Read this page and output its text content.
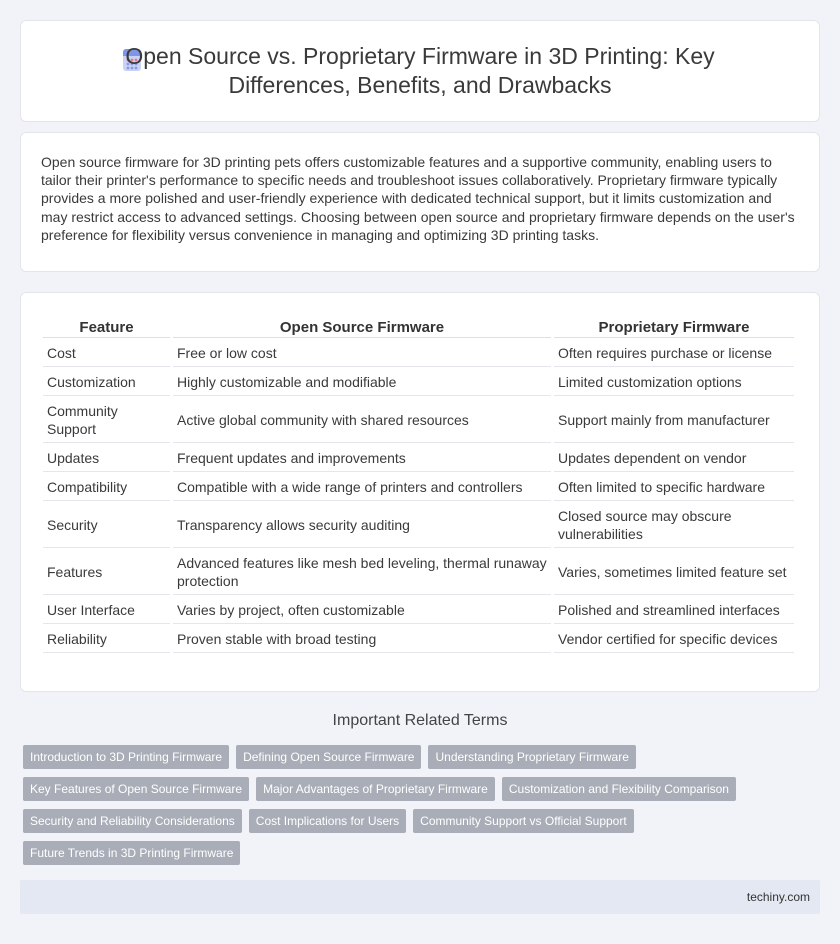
Open Source vs. Proprietary Firmware in 3D Printing: Key Differences, Benefits, and Drawbacks

Open source firmware for 3D printing pets offers customizable features and a supportive community, enabling users to tailor their printer's performance to specific needs and troubleshoot issues collaboratively. Proprietary firmware typically provides a more polished and user-friendly experience with dedicated technical support, but it limits customization and may restrict access to advanced settings. Choosing between open source and proprietary firmware depends on the user's preference for flexibility versus convenience in managing and optimizing 3D printing tasks.

Feature	Open Source Firmware	Proprietary Firmware
Cost	Free or low cost	Often requires purchase or license
Customization	Highly customizable and modifiable	Limited customization options
Community Support	Active global community with shared resources	Support mainly from manufacturer
Updates	Frequent updates and improvements	Updates dependent on vendor
Compatibility	Compatible with a wide range of printers and controllers	Often limited to specific hardware
Security	Transparency allows security auditing	Closed source may obscure vulnerabilities
Features	Advanced features like mesh bed leveling, thermal runaway protection	Varies, sometimes limited feature set
User Interface	Varies by project, often customizable	Polished and streamlined interfaces
Reliability	Proven stable with broad testing	Vendor certified for specific devices
Important Related Terms
Introduction to 3D Printing Firmware	Defining Open Source Firmware	Understanding Proprietary Firmware
Key Features of Open Source Firmware	Major Advantages of Proprietary Firmware	Customization and Flexibility Comparison
Security and Reliability Considerations	Cost Implications for Users	Community Support vs Official Support
Future Trends in 3D Printing Firmware
techiny.com
